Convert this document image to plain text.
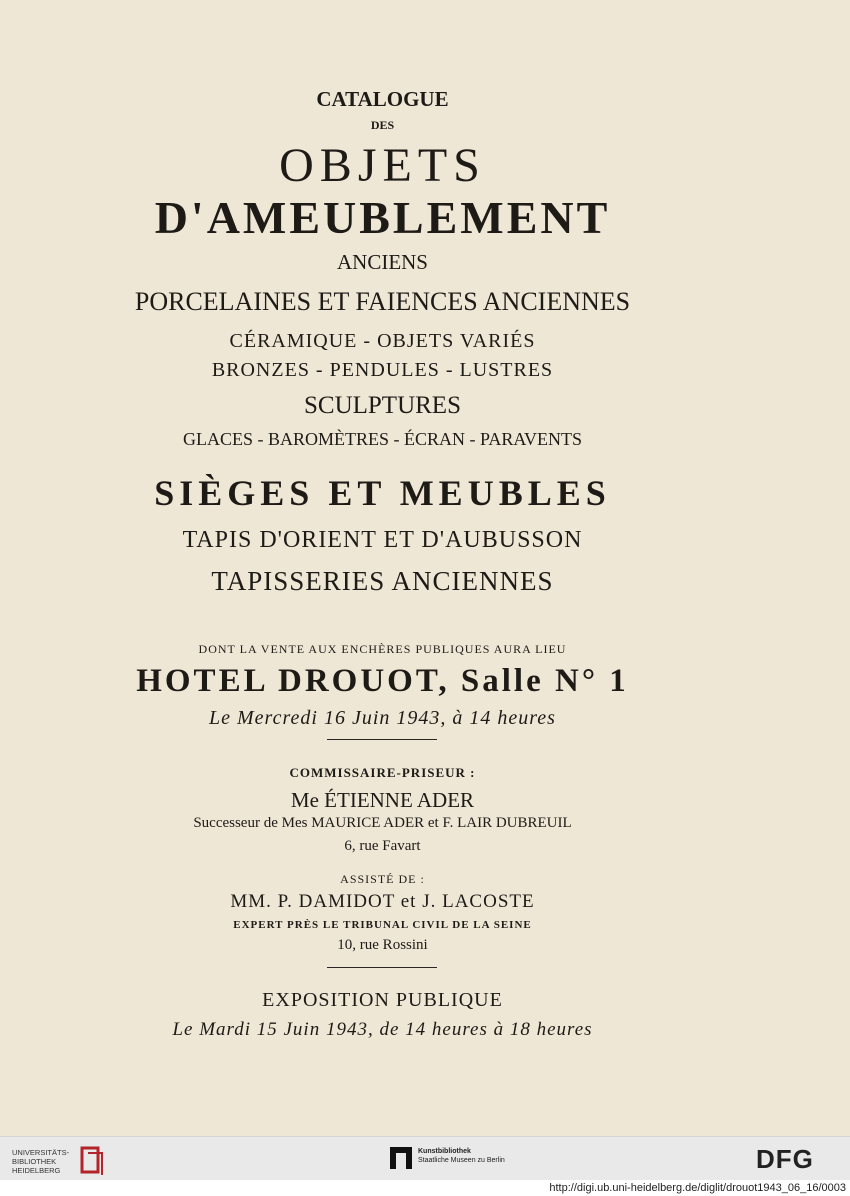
CATALOGUE
DES
OBJETS
D'AMEUBLEMENT
ANCIENS
PORCELAINES ET FAIENCES ANCIENNES
CÉRAMIQUE - OBJETS VARIÉS
BRONZES - PENDULES - LUSTRES
SCULPTURES
GLACES - BAROMÈTRES - ÉCRAN - PARAVENTS
SIÈGES ET MEUBLES
TAPIS D'ORIENT ET D'AUBUSSON
TAPISSERIES ANCIENNES
DONT LA VENTE AUX ENCHÈRES PUBLIQUES AURA LIEU
HOTEL DROUOT, Salle N° 1
Le Mercredi 16 Juin 1943, à 14 heures
COMMISSAIRE-PRISEUR :
Me ÉTIENNE ADER
Successeur de Mes MAURICE ADER et F. LAIR DUBREUIL
6, rue Favart
ASSISTÉ DE :
MM. P. DAMIDOT et J. LACOSTE
EXPERT PRÈS LE TRIBUNAL CIVIL DE LA SEINE
10, rue Rossini
EXPOSITION PUBLIQUE
Le Mardi 15 Juin 1943, de 14 heures à 18 heures
UNIVERSITÄTS-
BIBLIOTHEK
HEIDELBERG
Kunstbibliothek
Staatliche Museen zu Berlin	DFG
http://digi.ub.uni-heidelberg.de/diglit/drouot1943_06_16/0003
